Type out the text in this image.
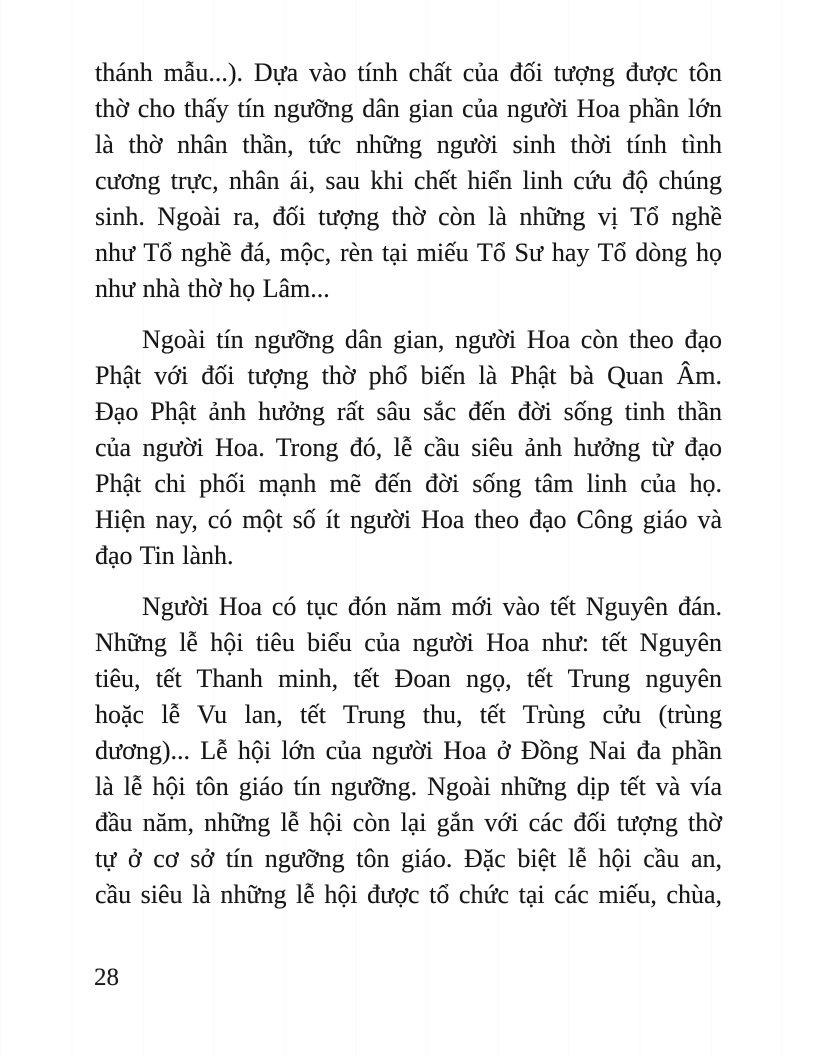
thánh mẫu...). Dựa vào tính chất của đối tượng được tôn
thờ cho thấy tín ngưỡng dân gian của người Hoa phần lớn
là thờ nhân thần, tức những người sinh thời tính tình
cương trực, nhân ái, sau khi chết hiển linh cứu độ chúng
sinh. Ngoài ra, đối tượng thờ còn là những vị Tổ nghề
như Tổ nghề đá, mộc, rèn tại miếu Tổ Sư hay Tổ dòng họ
như nhà thờ họ Lâm...
Ngoài tín ngưỡng dân gian, người Hoa còn theo đạo
Phật với đối tượng thờ phổ biến là Phật bà Quan Âm.
Đạo Phật ảnh hưởng rất sâu sắc đến đời sống tinh thần
của người Hoa. Trong đó, lễ cầu siêu ảnh hưởng từ đạo
Phật chi phối mạnh mẽ đến đời sống tâm linh của họ.
Hiện nay, có một số ít người Hoa theo đạo Công giáo và
đạo Tin lành.
Người Hoa có tục đón năm mới vào tết Nguyên đán.
Những lễ hội tiêu biểu của người Hoa như: tết Nguyên
tiêu, tết Thanh minh, tết Đoan ngọ, tết Trung nguyên
hoặc lễ Vu lan, tết Trung thu, tết Trùng cửu (trùng
dương)... Lễ hội lớn của người Hoa ở Đồng Nai đa phần
là lễ hội tôn giáo tín ngưỡng. Ngoài những dịp tết và vía
đầu năm, những lễ hội còn lại gắn với các đối tượng thờ
tự ở cơ sở tín ngưỡng tôn giáo. Đặc biệt lễ hội cầu an,
cầu siêu là những lễ hội được tổ chức tại các miếu, chùa,
28
